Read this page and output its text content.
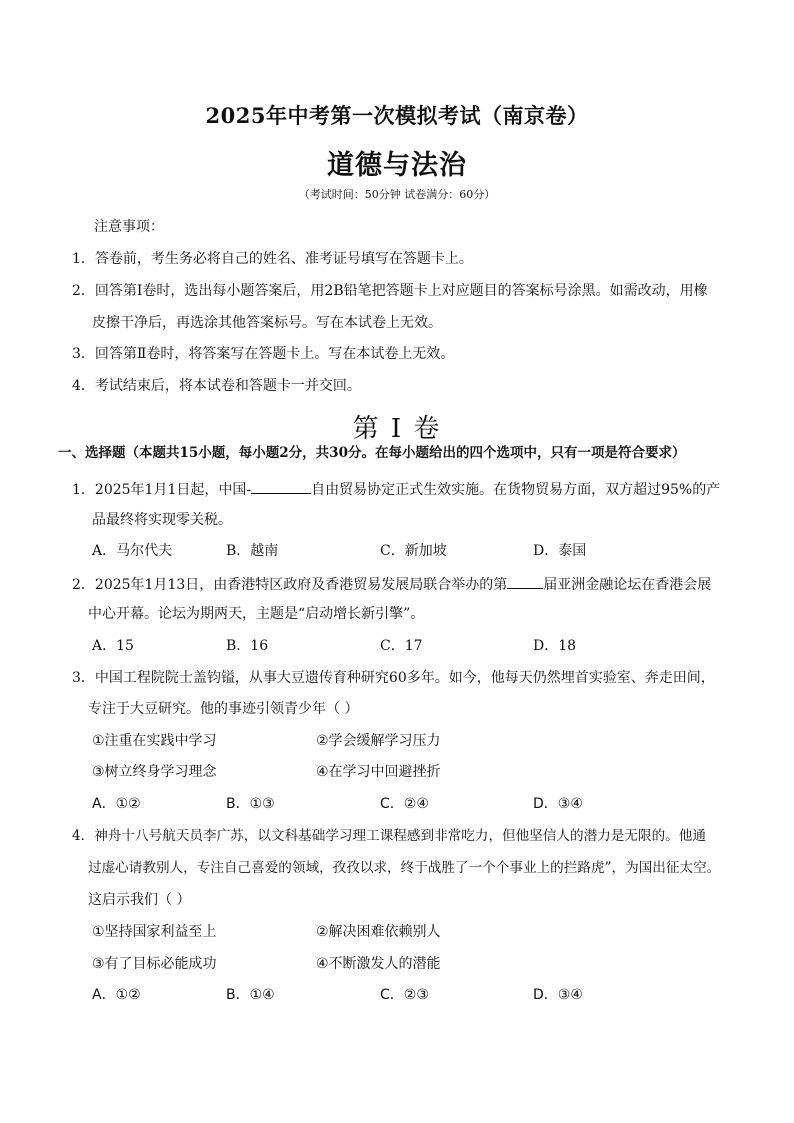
2025年中考第一次模拟考试（南京卷）
道德与法治
（考试时间：50分钟 试卷满分：60分）
注意事项：
1．答卷前，考生务必将自己的姓名、准考证号填写在答题卡上。
2．回答第Ⅰ卷时，选出每小题答案后，用2B铅笔把答题卡上对应题目的答案标号涂黑。如需改动，用橡
皮擦干净后，再选涂其他答案标号。写在本试卷上无效。
3．回答第Ⅱ卷时，将答案写在答题卡上。写在本试卷上无效。
4．考试结束后，将本试卷和答题卡一并交回。
第 I 卷
一、选择题（本题共15小题，每小题2分，共30分。在每小题给出的四个选项中，只有一项是符合要求）
1．2025年1月1日起，中国-	自由贸易协定正式生效实施。在货物贸易方面，双方超过95%的产
品最终将实现零关税。
A．马尔代夫	B．越南	C．新加坡	D．泰国
2．2025年1月13日，由香港特区政府及香港贸易发展局联合举办的第	届亚洲金融论坛在香港会展
中心开幕。论坛为期两天，主题是“启动增长新引擎”。
A．15	B．16	C．17	D．18
3．中国工程院院士盖钧镒，从事大豆遗传育种研究60多年。如今，他每天仍然埋首实验室、奔走田间，
专注于大豆研究。他的事迹引领青少年（ ）
①注重在实践中学习	②学会缓解学习压力
③树立终身学习理念	④在学习中回避挫折
A．①②	B．①③	C．②④	D．③④
4．神舟十八号航天员李广苏，以文科基础学习理工课程感到非常吃力，但他坚信人的潜力是无限的。他通
过虚心请教别人，专注自己喜爱的领域，孜孜以求，终于战胜了一个个事业上的拦路虎”，为国出征太空。
这启示我们（ ）
①坚持国家利益至上	②解决困难依赖别人
③有了目标必能成功	④不断激发人的潜能
A．①②	B．①④	C．②③	D．③④
